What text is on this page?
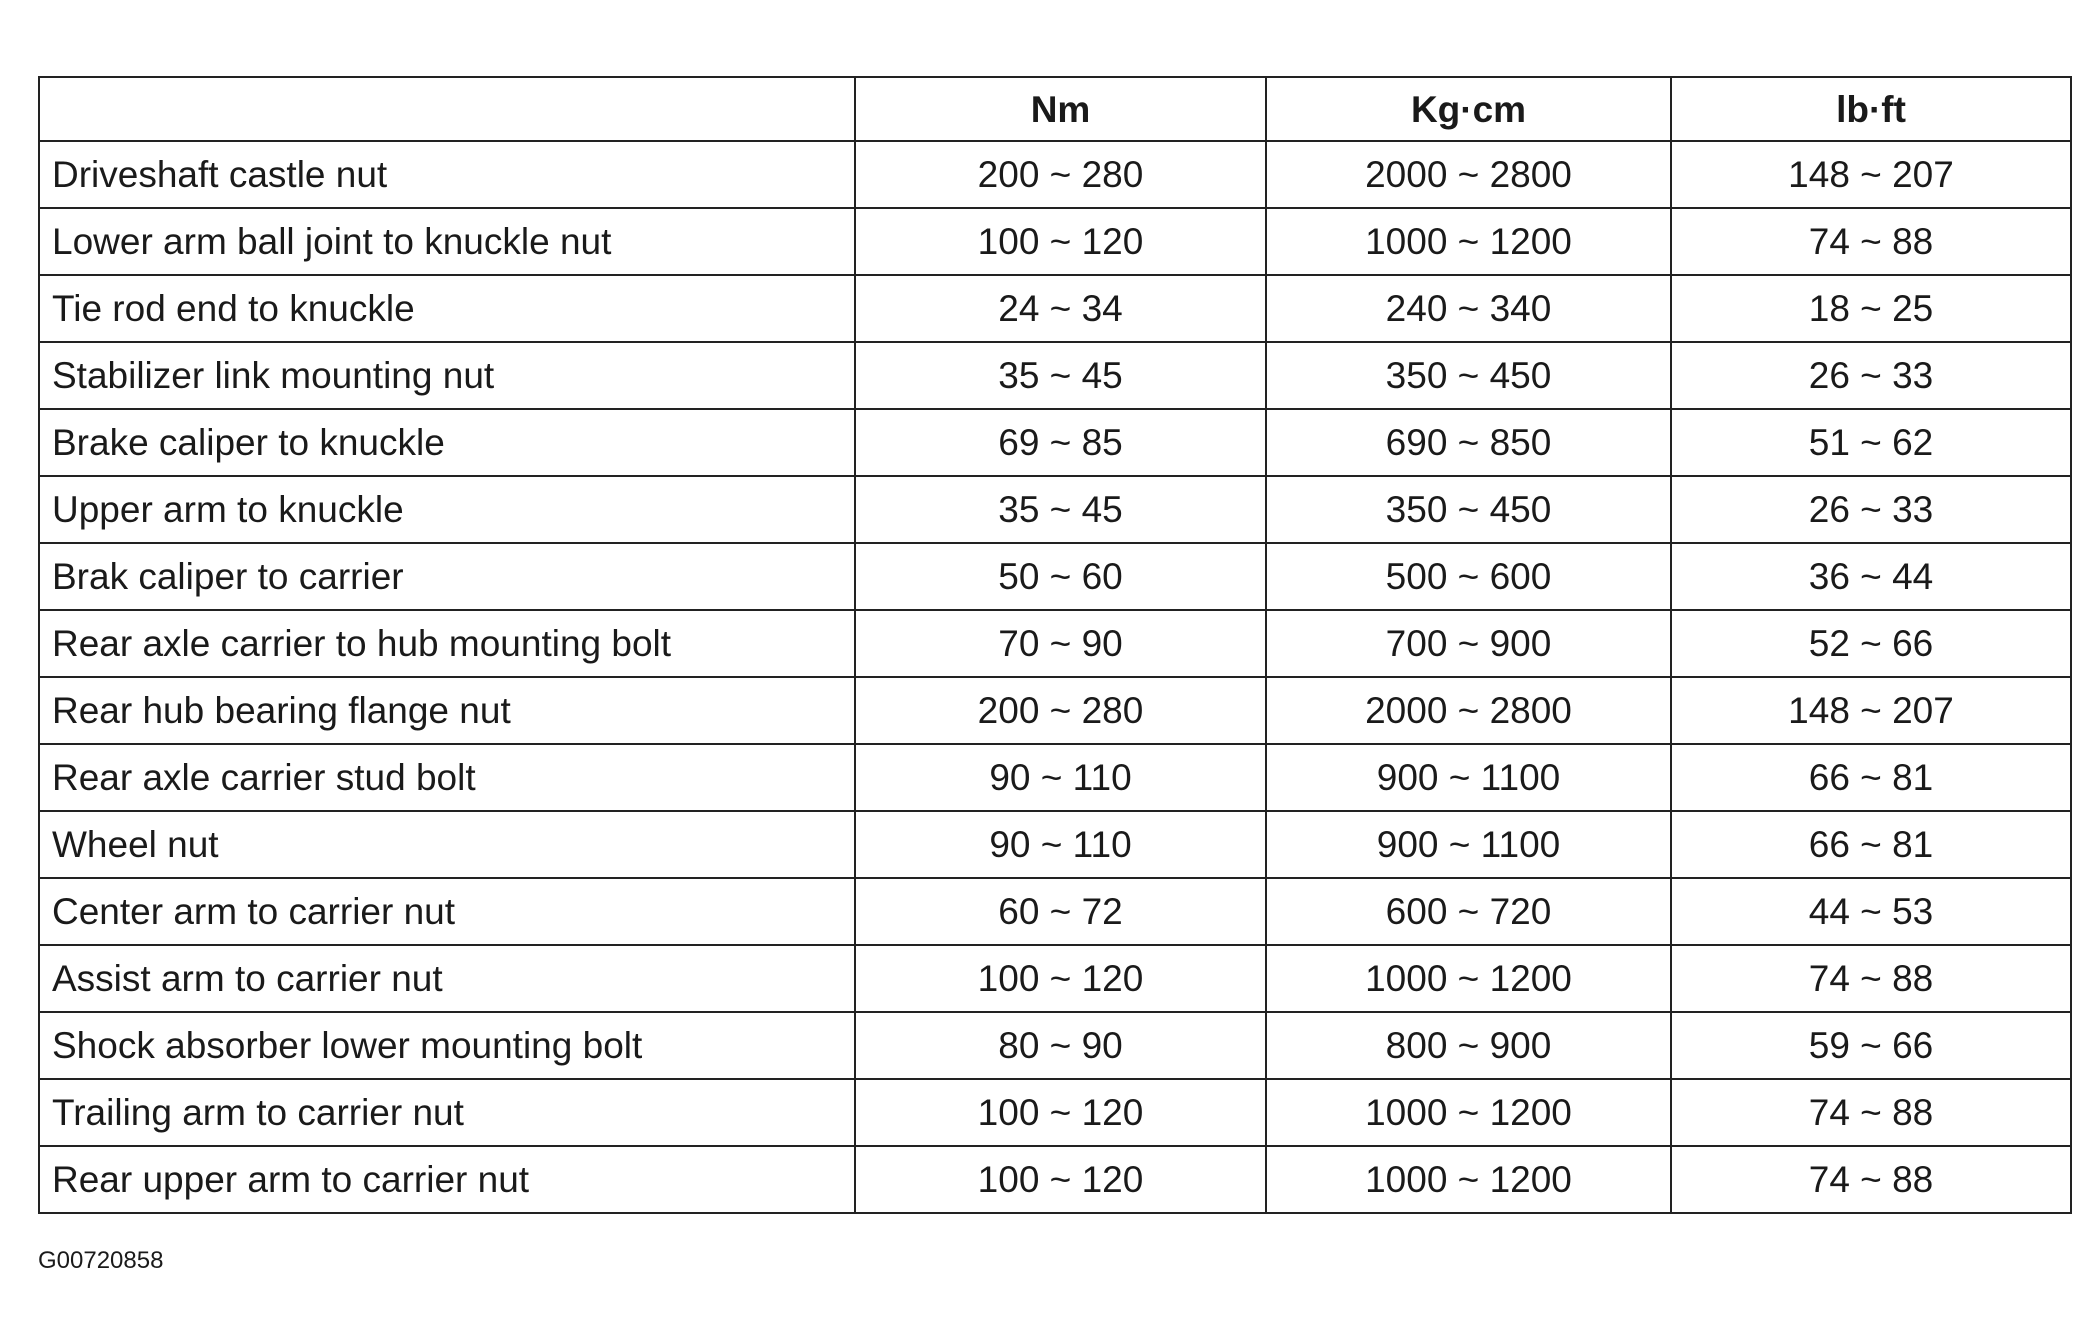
	Nm	Kg·cm	lb·ft
Driveshaft castle nut	200 ~ 280	2000 ~ 2800	148 ~ 207
Lower arm ball joint to knuckle nut	100 ~ 120	1000 ~ 1200	74 ~ 88
Tie rod end to knuckle	24 ~ 34	240 ~ 340	18 ~ 25
Stabilizer link mounting nut	35 ~ 45	350 ~ 450	26 ~ 33
Brake caliper to knuckle	69 ~ 85	690 ~ 850	51 ~ 62
Upper arm to knuckle	35 ~ 45	350 ~ 450	26 ~ 33
Brak caliper to carrier	50 ~ 60	500 ~ 600	36 ~ 44
Rear axle carrier to hub mounting bolt	70 ~ 90	700 ~ 900	52 ~ 66
Rear hub bearing flange nut	200 ~ 280	2000 ~ 2800	148 ~ 207
Rear axle carrier stud bolt	90 ~ 110	900 ~ 1100	66 ~ 81
Wheel nut	90 ~ 110	900 ~ 1100	66 ~ 81
Center arm to carrier nut	60 ~ 72	600 ~ 720	44 ~ 53
Assist arm to carrier nut	100 ~ 120	1000 ~ 1200	74 ~ 88
Shock absorber lower mounting bolt	80 ~ 90	800 ~ 900	59 ~ 66
Trailing arm to carrier nut	100 ~ 120	1000 ~ 1200	74 ~ 88
Rear upper arm to carrier nut	100 ~ 120	1000 ~ 1200	74 ~ 88
G00720858
